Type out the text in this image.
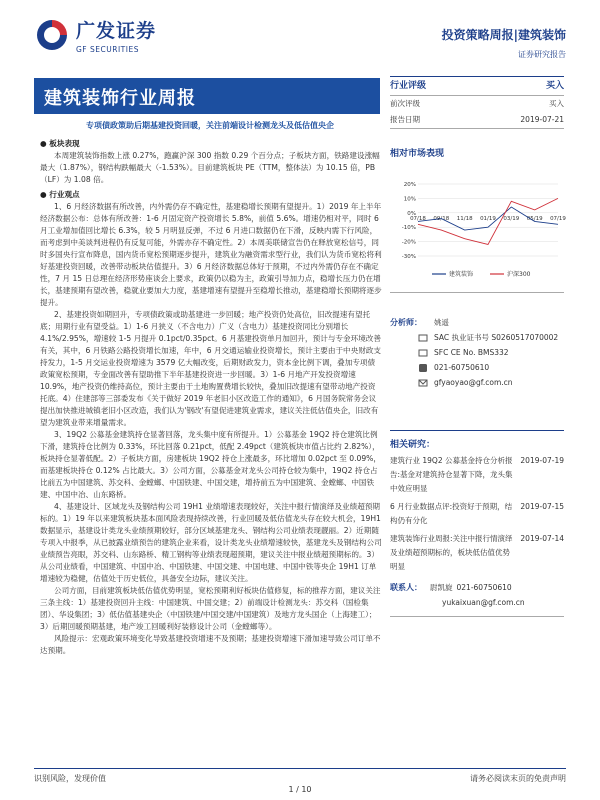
广发证券
GF SECURITIES
投资策略周报|建筑装饰
证券研究报告
建筑装饰行业周报
专项债政策助后期基建投资回暖，关注前端设计检测龙头及低估值央企
● 板块表现
本周建筑装饰指数上涨 0.27%，跑赢沪深 300 指数 0.29 个百分点；子板块方面，铁路建设涨幅最大（1.87%），钢结构跌幅最大（-1.53%）。目前建筑板块 PE（TTM，整体法）为 10.15 倍，PB（LF）为 1.08 倍。
● 行业观点
1、6 月经济数据有所改善，内外需仍存不确定性，基建稳增长预期有望提升。1）2019 年上半年经济数据公布：总体有所改善：1-6 月固定资产投资增长 5.8%，前值 5.6%。增速仍相对平，同时 6 月工业增加值回比增长 6.3%，较 5 月明显反弹，不过 6 月进口数据仍在下滑，反映内需下行风险，而考虑到中美谈判进程仍有反复可能，外需亦存不确定性。2）本周美联储宣告仍在释放宽松信号，同时多国央行宣布降息，国内货币宽松预期逐步提升，建筑业为融资需求型行业，我们认为货币宽松将利好基建投资回暖，改善带动板块估值提升。3）6 月经济数据总体好于预期，不过内外需仍存在不确定性，7 月 15 日总理在经济形势座谈会上要求，政策仍以稳为主，政策引导加力点，稳增长压力仍在增长，基建预期有望改善，稳就业要加大力度，基建增速有望提升至稳增长推动，基建稳增长预期将逐步提升。
2、基建投资如期回升，专项债政策或助基建进一步回暖；地产投资仍处高位，旧改提速有望托底；用期行业有望受益。1）1-6 月狭义（不含电力）广义（含电力）基建投资同比分别增长 4.1%/2.95%，增速较 1-5 月提升 0.1pct/0.35pct。6 月基建投资单月加回升，预计与专金环境改善有关，其中，6 月铁路公路投资增长加速，年中，6 月交通运输业投资增长，预计主要由于中央财政支持发力，1-5 月交运业投资增速为 3579 亿大幅改变，后期财政发力，资本金比例下调，叠加专项债政策宽松预期，专金面改善有望助推下半年基建投资进一步回暖。3）1-6 月地产开发投资增速 10.9%，地产投资仍维持高位，预计主要由于土地购置费增长较快，叠加旧改提速有望带动地产投资托底。4）住建部等三部委发布《关于做好 2019 年老旧小区改造工作的通知》，6 月国务院常务会议提出加快推进城镇老旧小区改造，我们认为'钢改'有望促进建筑业需求，建议关注低估值央企，旧改有望为建筑业带来增量需求。
3、19Q2 公募基金建筑持仓显著回落，龙头集中度有所提升。1）公募基金 19Q2 持仓建筑比例下滑，建筑持仓比例为 0.33%，环比回落 0.21pct，低配 2.49pct（建筑板块市值占比约 2.82%），板块持仓显著低配。2）子板块方面，房建板块 19Q2 持仓上涨最多，环比增加 0.02pct 至 0.09%，而基建板块持仓 0.12% 占比最大。3）公司方面，公募基金对龙头公司持仓较为集中，19Q2 持仓占比前五为中国建筑、苏交科、金螳螂、中国铁建、中国交建，增持前五为中国建筑、金螳螂、中国铁建、中国中冶、山东路桥。
4、基建设计、区域龙头及钢结构公司 19H1 业绩增速表现较好，关注中报行情演绎及业绩超预期标的。1）19 年以来建筑板块基本面风险表现持续改善，行业回暖及低估值龙头存在较大机会，19H1 数据显示，基建设计类龙头业绩预期较好，部分区域基建龙头、钢结构公司业绩表现靓丽。2）近期随专项入中报季，从已披露业绩预告的建筑企业来看，设计类龙头业绩增速较快，基建龙头及钢结构公司业绩预告亮眼，苏交科、山东路桥、精工钢构等业绩表现超预期，建议关注中报业绩超预期标的。3）从公司业绩看，中国建筑、中国中冶、中国铁建、中国交建、中国电建、中国中铁等央企 19H1 订单增速较为稳健，估值处于历史低位，具备安全边际，建议关注。
公司方面，目前建筑板块低估值优势明显，宽松预期利好板块估值修复，标的推荐方面，建议关注三条主线：1）基建投资回升主线：中国建筑、中国交建；2）前端设计检测龙头：苏交科（国检集团）、华设集团；3）低估值基建央企（中国铁建/中国交建/中国建筑）及地方龙头国企（上海建工）；3）后期回暖预期基建，地产竣工回暖利好装修设计公司（金螳螂等）。
风险提示：宏观政策环境变化导致基建投资增速不及预期；基建投资增速下滑加速导致公司订单不达预期。
行业评级	买入
前次评级	买入
报告日期	2019-07-21
相对市场表现
20%
10%
0%
-10%
-20%
-30%
07/18 09/18 11/18 01/19 03/19 05/19 07/19
建筑装饰	沪深300
分析师： 姚遥
SAC 执业证书号 S0260517070002
SFC CE No. BMS332
021-60750610
gfyaoyao@gf.com.cn
相关研究：
建筑行业 19Q2 公募基金持仓分析报告:基金对建筑持仓显著下降，龙头集中效应明显
2019-07-19
6 月行业数据点评:投资好于预期，结构仍有分化
2019-07-15
建筑装饰行业周报:关注中报行情演绎及业绩超预期标的，板块低估值优势明显
2019-07-14
联系人： 尉凯旋 021-60750610
yukaixuan@gf.com.cn
识别风险，发现价值	请务必阅读末页的免责声明
1 / 10
